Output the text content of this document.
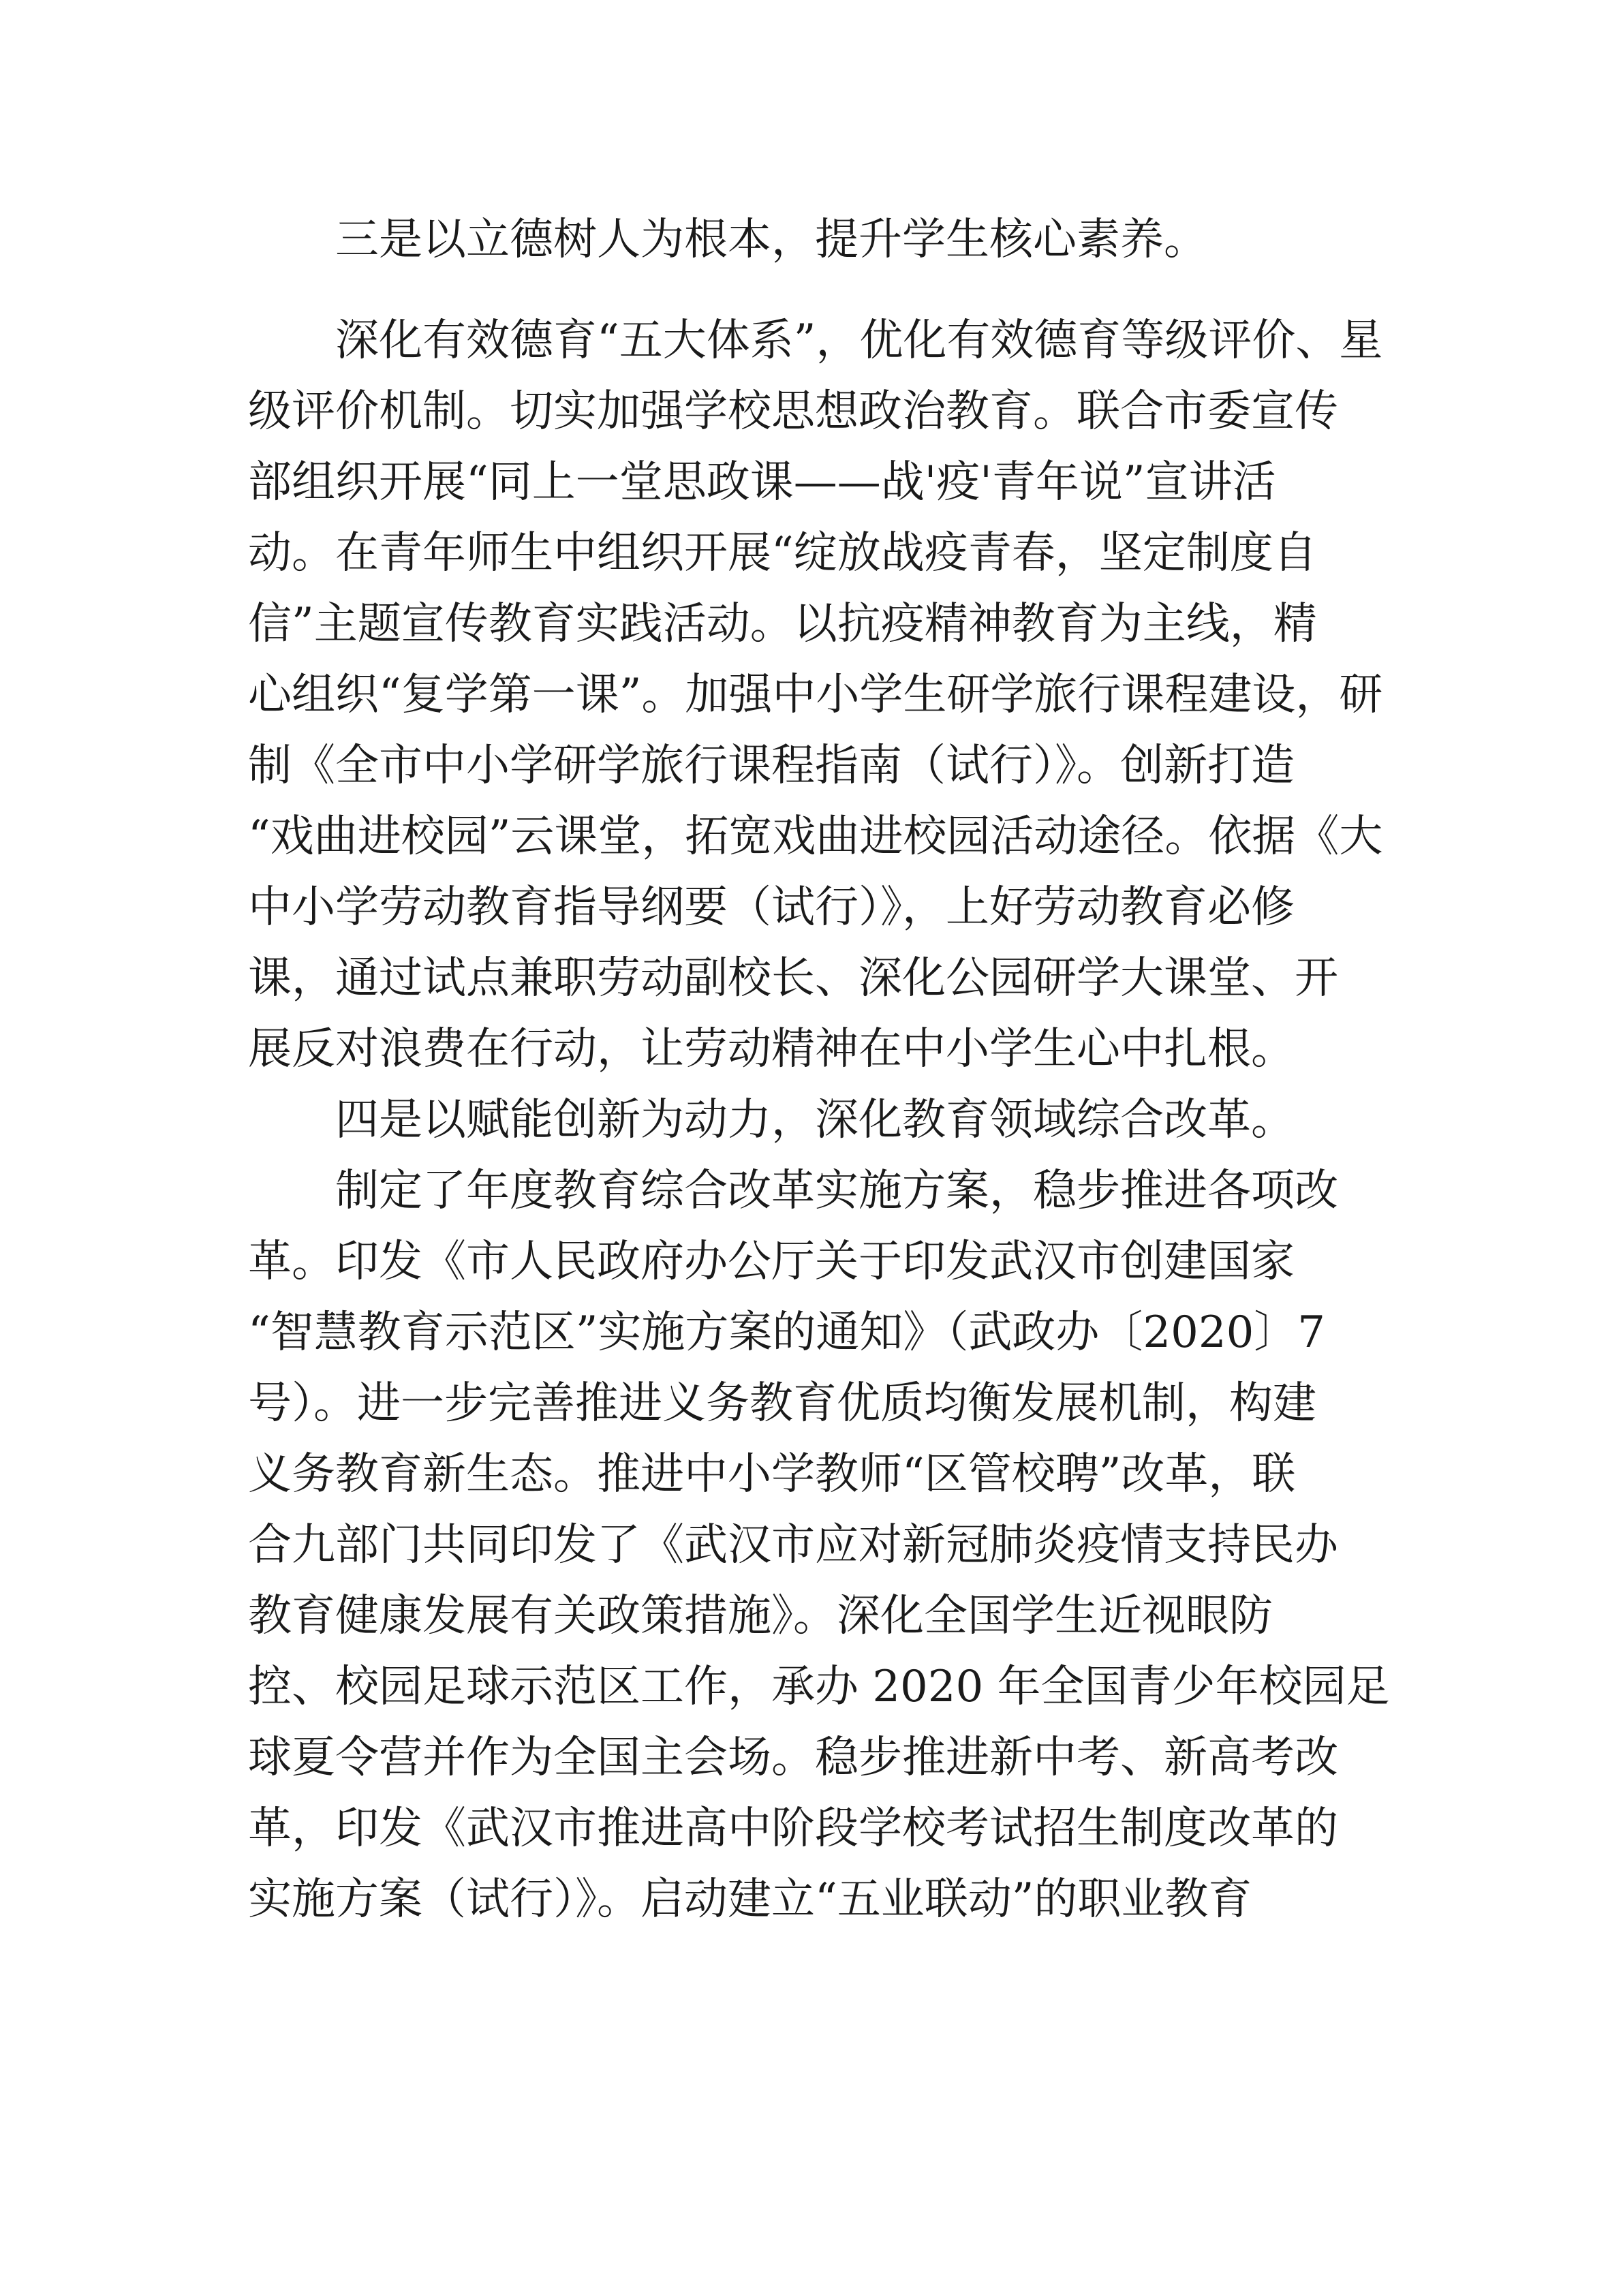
三是以立德树人为根本，提升学生核心素养。
深化有效德育“五大体系”，优化有效德育等级评价、星
级评价机制。切实加强学校思想政治教育。联合市委宣传
部组织开展“同上一堂思政课——战'疫'青年说”宣讲活
动。在青年师生中组织开展“绽放战疫青春，坚定制度自
信”主题宣传教育实践活动。以抗疫精神教育为主线，精
心组织“复学第一课”。加强中小学生研学旅行课程建设，研
制《全市中小学研学旅行课程指南（试行）》。创新打造
“戏曲进校园”云课堂，拓宽戏曲进校园活动途径。依据《大
中小学劳动教育指导纲要（试行）》，上好劳动教育必修
课，通过试点兼职劳动副校长、深化公园研学大课堂、开
展反对浪费在行动，让劳动精神在中小学生心中扎根。
四是以赋能创新为动力，深化教育领域综合改革。
制定了年度教育综合改革实施方案，稳步推进各项改
革。印发《市人民政府办公厅关于印发武汉市创建国家
“智慧教育示范区”实施方案的通知》（武政办〔2020〕7
号）。进一步完善推进义务教育优质均衡发展机制，构建
义务教育新生态。推进中小学教师“区管校聘”改革，联
合九部门共同印发了《武汉市应对新冠肺炎疫情支持民办
教育健康发展有关政策措施》。深化全国学生近视眼防
控、校园足球示范区工作，承办 2020 年全国青少年校园足
球夏令营并作为全国主会场。稳步推进新中考、新高考改
革，印发《武汉市推进高中阶段学校考试招生制度改革的
实施方案（试行）》。启动建立“五业联动”的职业教育
